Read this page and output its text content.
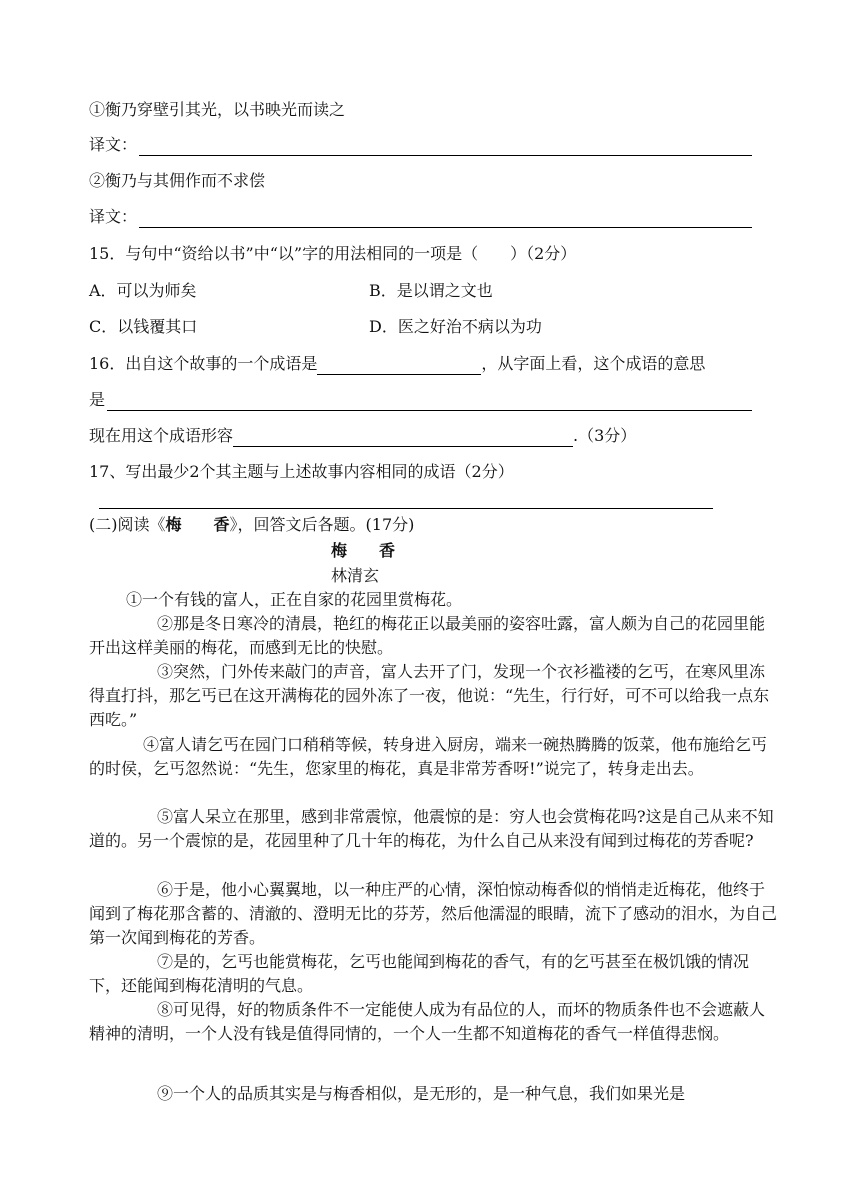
①衡乃穿壁引其光，以书映光而读之
译文：
②衡乃与其佣作而不求偿
译文：
15．与句中“资给以书”中“以”字的用法相同的一项是（　　）（2分）
A．可以为师矣	B．是以谓之文也
C．以钱覆其口	D．医之好治不病以为功
16．出自这个故事的一个成语是	，从字面上看，这个成语的意思
是
现在用这个成语形容	.（3分）
17、写出最少2个其主题与上述故事内容相同的成语（2分）
(二)阅读《梅　　香》，回答文后各题。(17分)
梅　　香
林清玄
①一个有钱的富人，正在自家的花园里赏梅花。
②那是冬日寒冷的清晨，艳红的梅花正以最美丽的姿容吐露，富人颇为自己的花园里能开出这样美丽的梅花，而感到无比的快慰。
③突然，门外传来敲门的声音，富人去开了门，发现一个衣衫褴褛的乞丐，在寒风里冻得直打抖，那乞丐已在这开满梅花的园外冻了一夜，他说：“先生，行行好，可不可以给我一点东西吃。”
④富人请乞丐在园门口稍稍等候，转身进入厨房，端来一碗热腾腾的饭菜，他布施给乞丐的时侯，乞丐忽然说：“先生，您家里的梅花，真是非常芳香呀!”说完了，转身走出去。
⑤富人呆立在那里，感到非常震惊，他震惊的是：穷人也会赏梅花吗?这是自己从来不知道的。另一个震惊的是，花园里种了几十年的梅花，为什么自己从来没有闻到过梅花的芳香呢?
⑥于是，他小心翼翼地，以一种庄严的心情，深怕惊动梅香似的悄悄走近梅花，他终于闻到了梅花那含蓄的、清澈的、澄明无比的芬芳，然后他濡湿的眼睛，流下了感动的泪水，为自己第一次闻到梅花的芳香。
⑦是的，乞丐也能赏梅花，乞丐也能闻到梅花的香气，有的乞丐甚至在极饥饿的情况下，还能闻到梅花清明的气息。
⑧可见得，好的物质条件不一定能使人成为有品位的人，而坏的物质条件也不会遮蔽人精神的清明，一个人没有钱是值得同情的，一个人一生都不知道梅花的香气一样值得悲悯。
⑨一个人的品质其实是与梅香相似，是无形的，是一种气息，我们如果光是
